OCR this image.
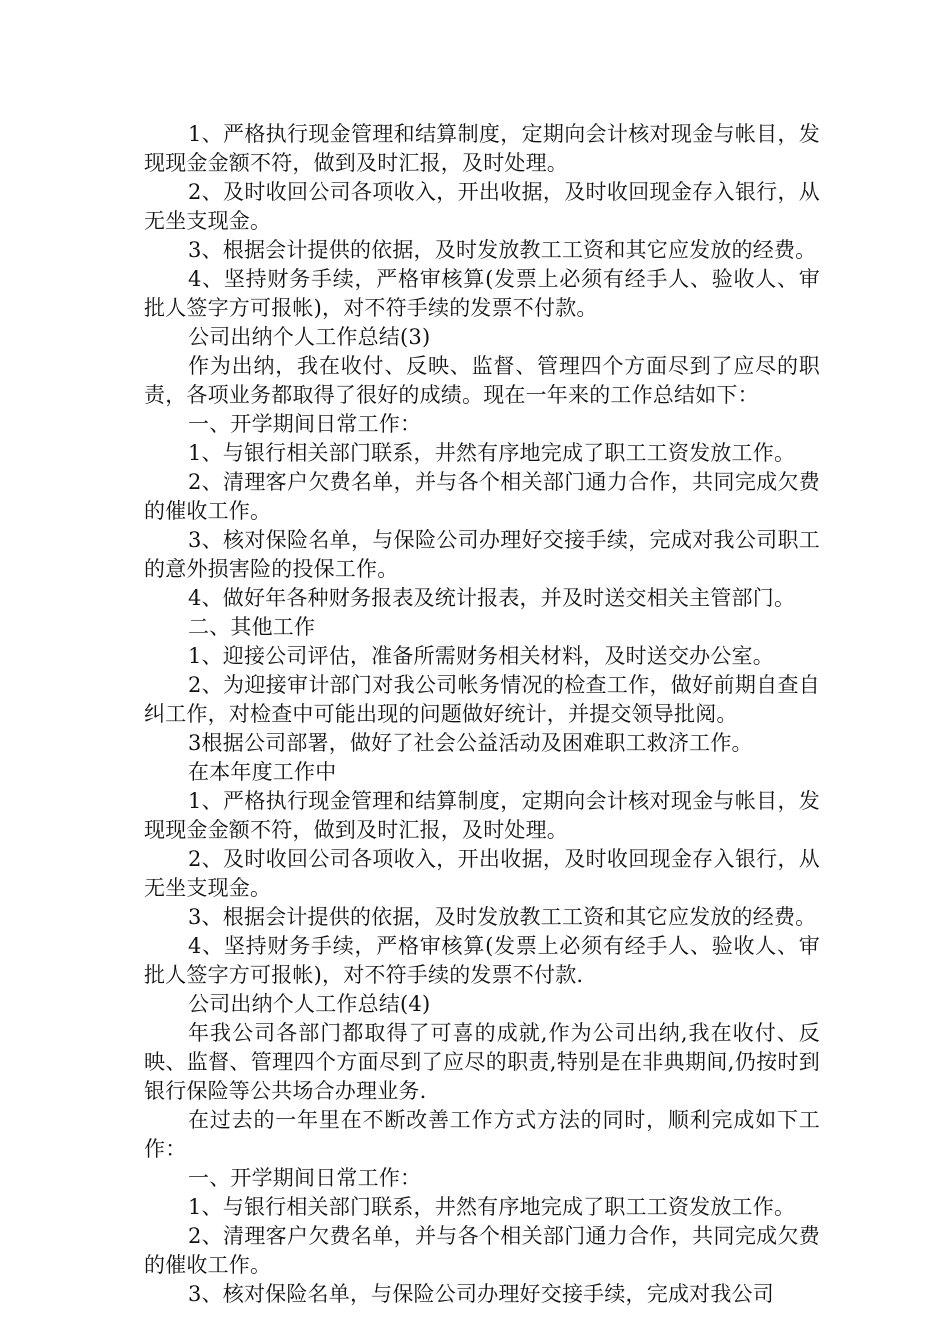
1、严格执行现金管理和结算制度，定期向会计核对现金与帐目，发现现金金额不符，做到及时汇报，及时处理。

2、及时收回公司各项收入，开出收据，及时收回现金存入银行，从无坐支现金。

3、根据会计提供的依据，及时发放教工工资和其它应发放的经费。

4、坚持财务手续，严格审核算(发票上必须有经手人、验收人、审批人签字方可报帐)，对不符手续的发票不付款。

公司出纳个人工作总结(3)

作为出纳，我在收付、反映、监督、管理四个方面尽到了应尽的职责，各项业务都取得了很好的成绩。现在一年来的工作总结如下：

一、开学期间日常工作：

1、与银行相关部门联系，井然有序地完成了职工工资发放工作。

2、清理客户欠费名单，并与各个相关部门通力合作，共同完成欠费的催收工作。

3、核对保险名单，与保险公司办理好交接手续，完成对我公司职工的意外损害险的投保工作。

4、做好年各种财务报表及统计报表，并及时送交相关主管部门。

二、其他工作

1、迎接公司评估，准备所需财务相关材料，及时送交办公室。

2、为迎接审计部门对我公司帐务情况的检查工作，做好前期自查自纠工作，对检查中可能出现的问题做好统计，并提交领导批阅。

3根据公司部署，做好了社会公益活动及困难职工救济工作。

在本年度工作中

1、严格执行现金管理和结算制度，定期向会计核对现金与帐目，发现现金金额不符，做到及时汇报，及时处理。

2、及时收回公司各项收入，开出收据，及时收回现金存入银行，从无坐支现金。

3、根据会计提供的依据，及时发放教工工资和其它应发放的经费。

4、坚持财务手续，严格审核算(发票上必须有经手人、验收人、审批人签字方可报帐)，对不符手续的发票不付款.

公司出纳个人工作总结(4)

年我公司各部门都取得了可喜的成就,作为公司出纳,我在收付、反映、监督、管理四个方面尽到了应尽的职责,特别是在非典期间,仍按时到银行保险等公共场合办理业务.

在过去的一年里在不断改善工作方式方法的同时，顺利完成如下工作：

一、开学期间日常工作：

1、与银行相关部门联系，井然有序地完成了职工工资发放工作。

2、清理客户欠费名单，并与各个相关部门通力合作，共同完成欠费的催收工作。

3、核对保险名单，与保险公司办理好交接手续，完成对我公司
